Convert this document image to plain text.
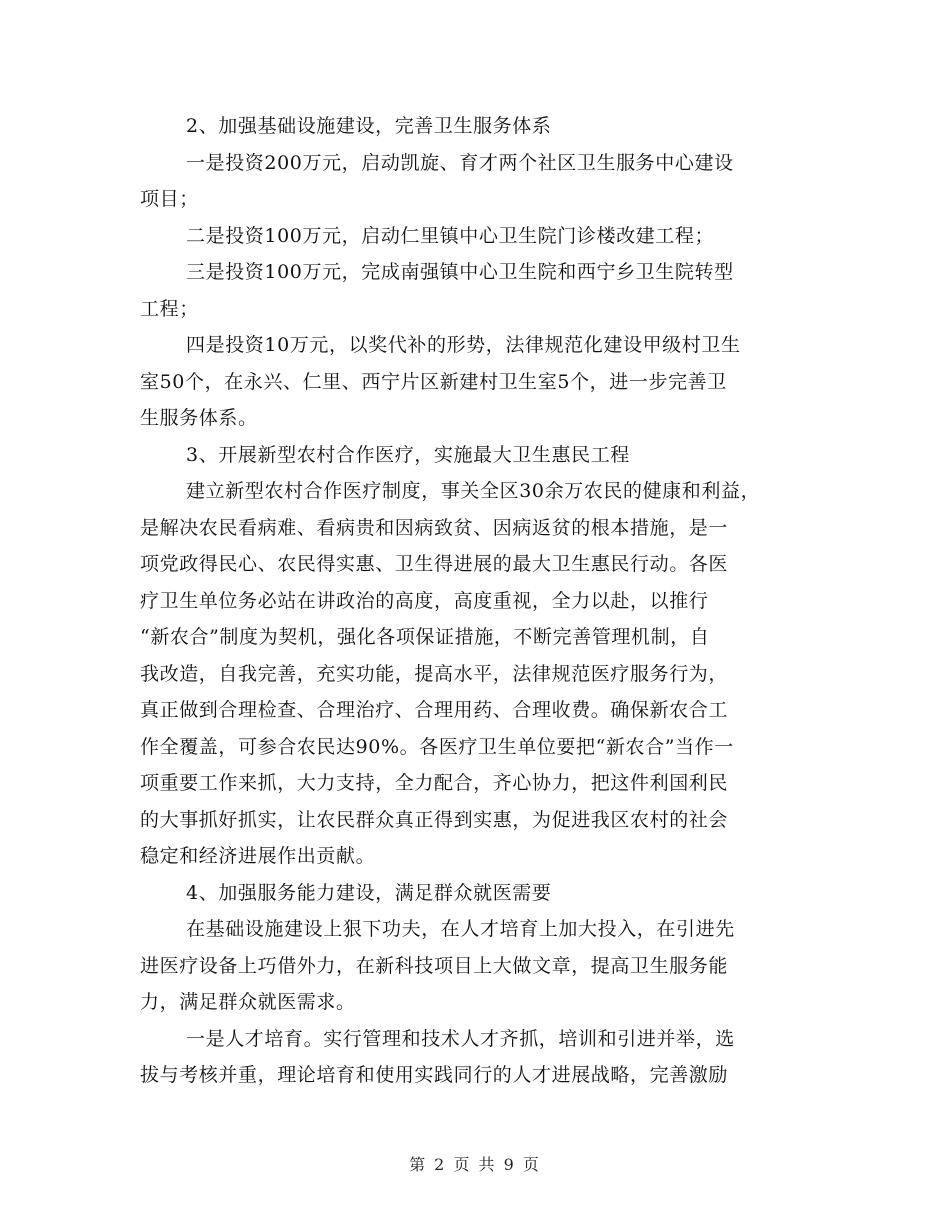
2、加强基础设施建设，完善卫生服务体系
一是投资200万元，启动凯旋、育才两个社区卫生服务中心建设
项目；
二是投资100万元，启动仁里镇中心卫生院门诊楼改建工程；
三是投资100万元，完成南强镇中心卫生院和西宁乡卫生院转型
工程；
四是投资10万元，以奖代补的形势，法律规范化建设甲级村卫生
室50个，在永兴、仁里、西宁片区新建村卫生室5个，进一步完善卫
生服务体系。
3、开展新型农村合作医疗，实施最大卫生惠民工程
建立新型农村合作医疗制度，事关全区30余万农民的健康和利益，
是解决农民看病难、看病贵和因病致贫、因病返贫的根本措施，是一
项党政得民心、农民得实惠、卫生得进展的最大卫生惠民行动。各医
疗卫生单位务必站在讲政治的高度，高度重视，全力以赴，以推行
“新农合”制度为契机，强化各项保证措施，不断完善管理机制，自
我改造，自我完善，充实功能，提高水平，法律规范医疗服务行为，
真正做到合理检查、合理治疗、合理用药、合理收费。确保新农合工
作全覆盖，可参合农民达90%。各医疗卫生单位要把“新农合”当作一
项重要工作来抓，大力支持，全力配合，齐心协力，把这件利国利民
的大事抓好抓实，让农民群众真正得到实惠，为促进我区农村的社会
稳定和经济进展作出贡献。
4、加强服务能力建设，满足群众就医需要
在基础设施建设上狠下功夫，在人才培育上加大投入，在引进先
进医疗设备上巧借外力，在新科技项目上大做文章，提高卫生服务能
力，满足群众就医需求。
一是人才培育。实行管理和技术人才齐抓，培训和引进并举，选
拔与考核并重，理论培育和使用实践同行的人才进展战略，完善激励
第 2 页 共 9 页
